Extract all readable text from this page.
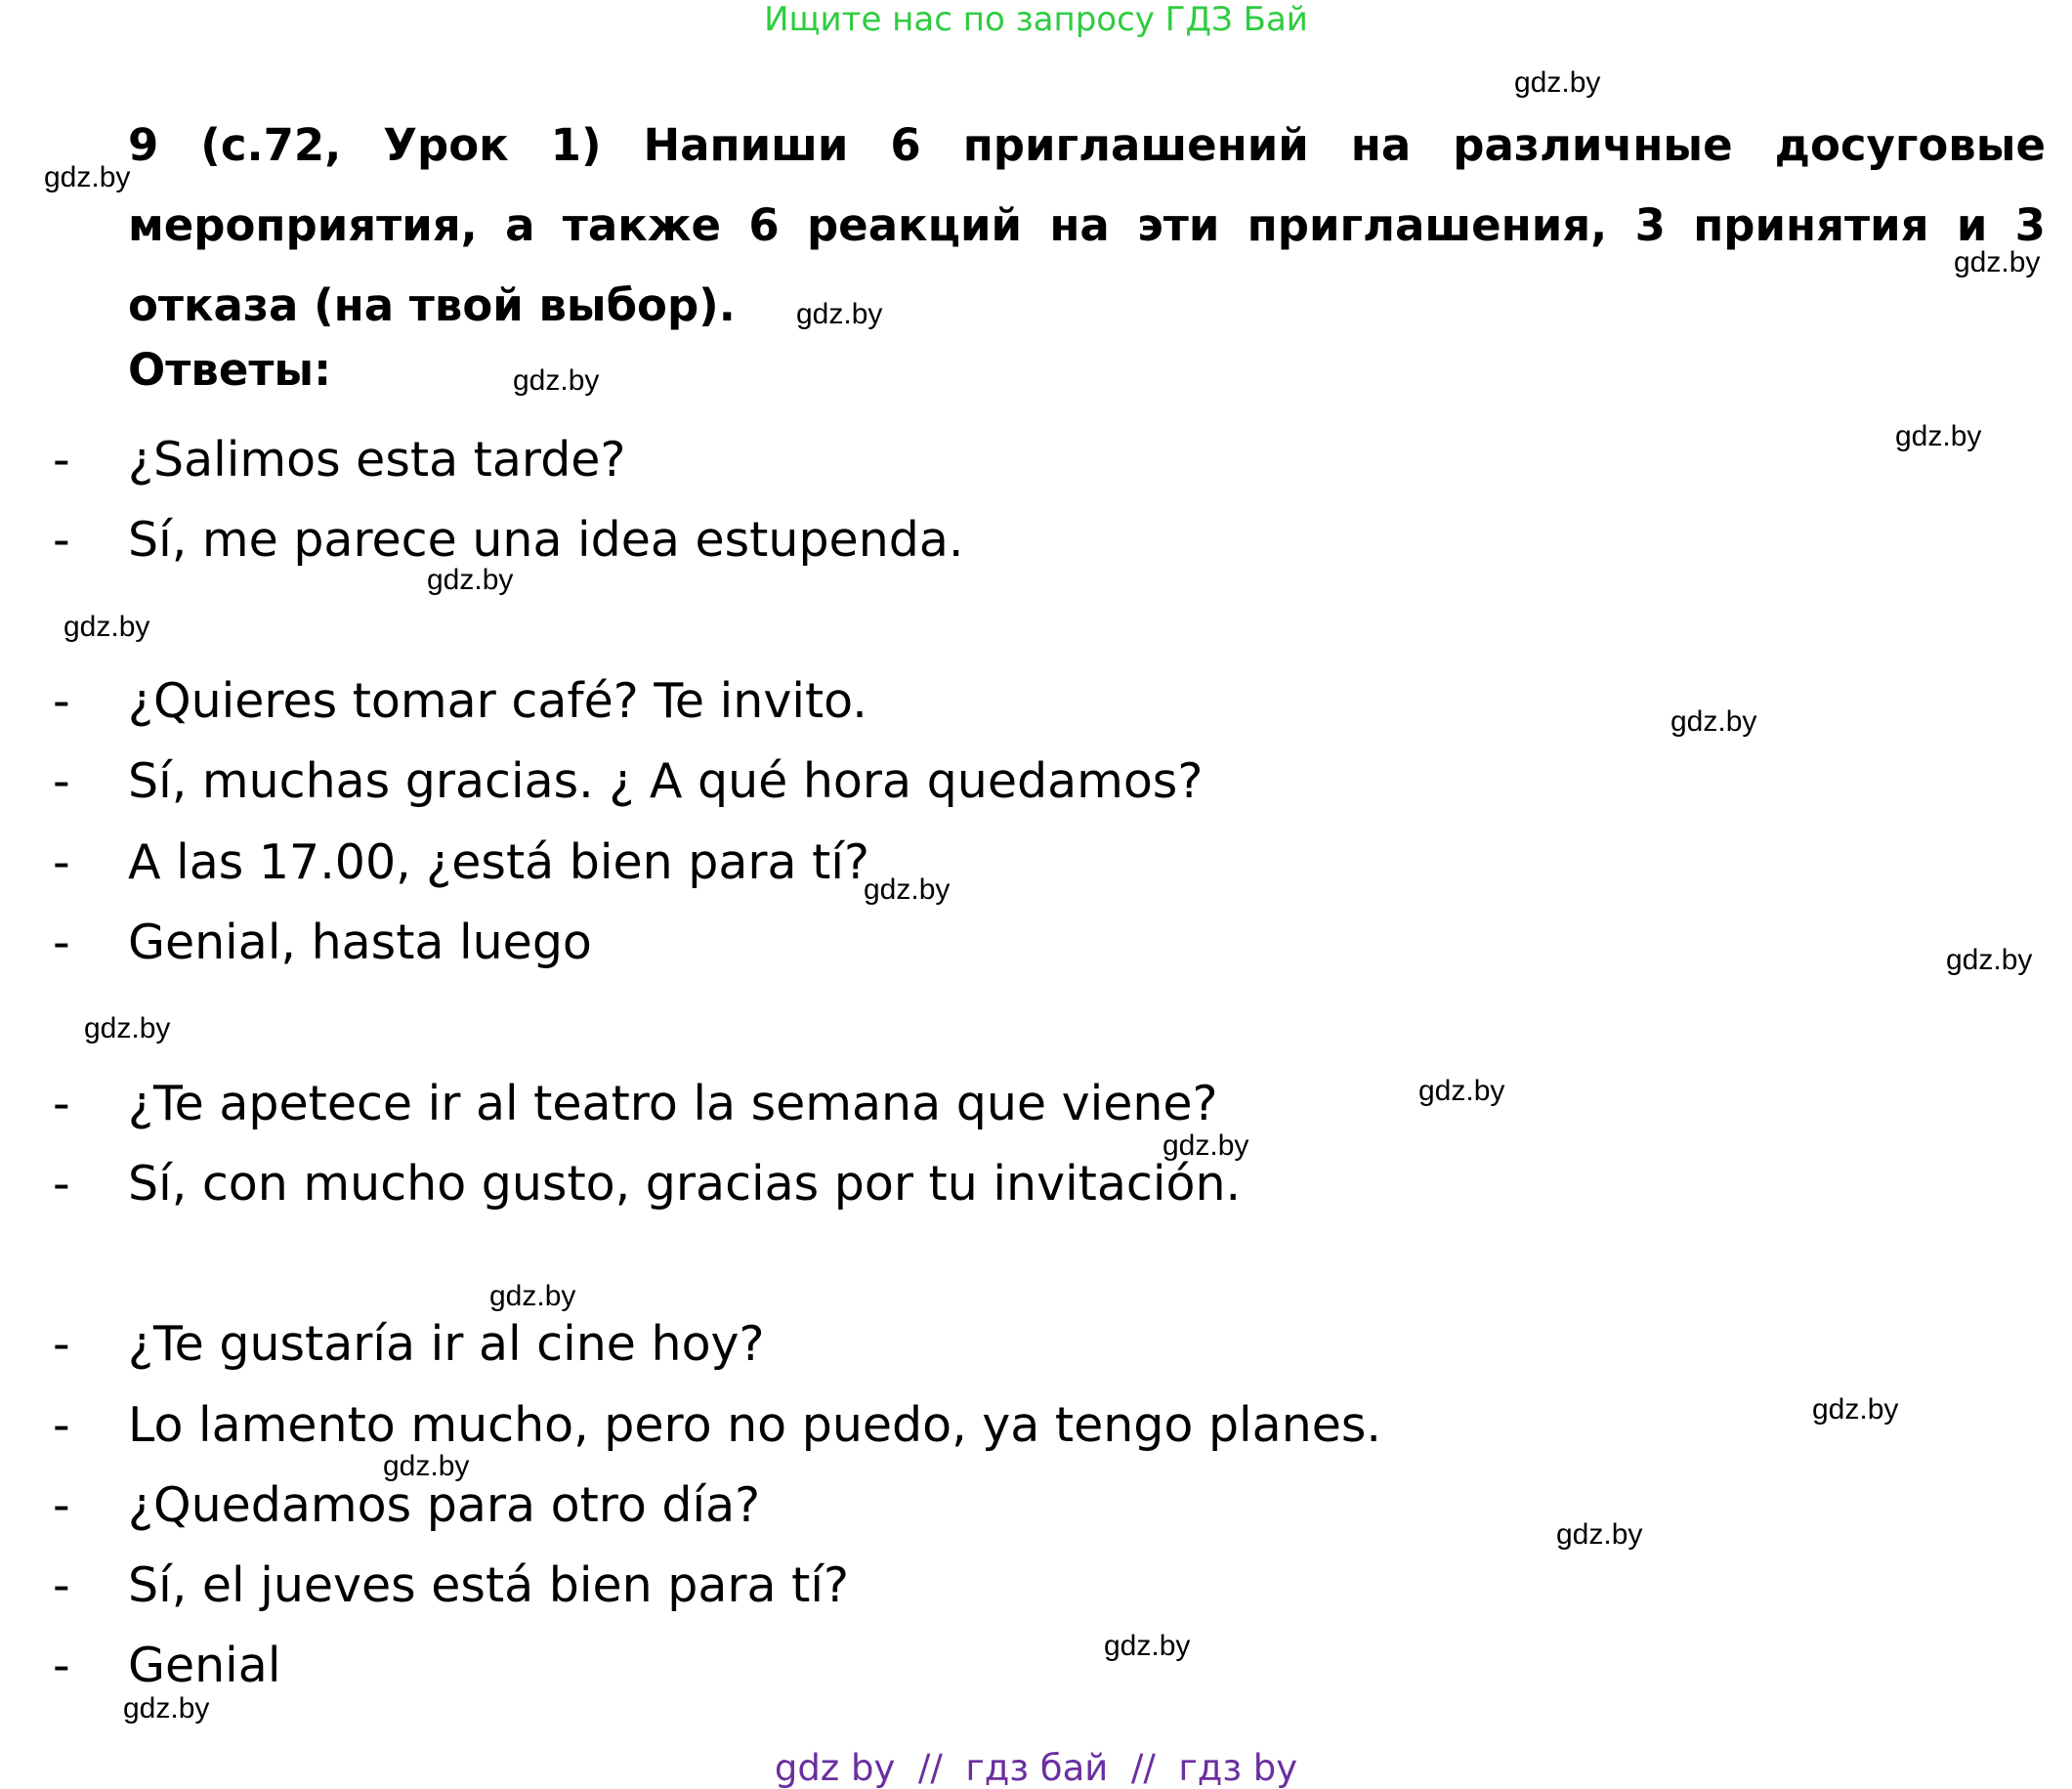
Ищите нас по запросу ГДЗ Бай
9 (с.72, Урок 1) Напиши 6 приглашений на различные досуговые мероприятия, а также 6 реакций на эти приглашения, 3 принятия и 3 отказа (на твой выбор).
Ответы:
- ¿Salimos esta tarde?
- Sí, me parece una idea estupenda.
- ¿Quieres tomar café? Te invito.
- Sí, muchas gracias. ¿ A qué hora quedamos?
- A las 17.00, ¿está bien para tí?
- Genial, hasta luego
- ¿Te apetece ir al teatro la semana que viene?
- Sí, con mucho gusto, gracias por tu invitación.
- ¿Te gustaría ir al cine hoy?
- Lo lamento mucho, pero no puedo, ya tengo planes.
- ¿Quedamos para otro día?
- Sí, el jueves está bien para tí?
- Genial
gdz.by
gdz.by
gdz.by
gdz.by
gdz.by
gdz.by
gdz.by
gdz.by
gdz.by
gdz.by
gdz.by
gdz.by
gdz.by
gdz.by
gdz.by
gdz.by
gdz.by
gdz.by
gdz.by
gdz.by
gdz by  //  гдз бай  //  гдз by
